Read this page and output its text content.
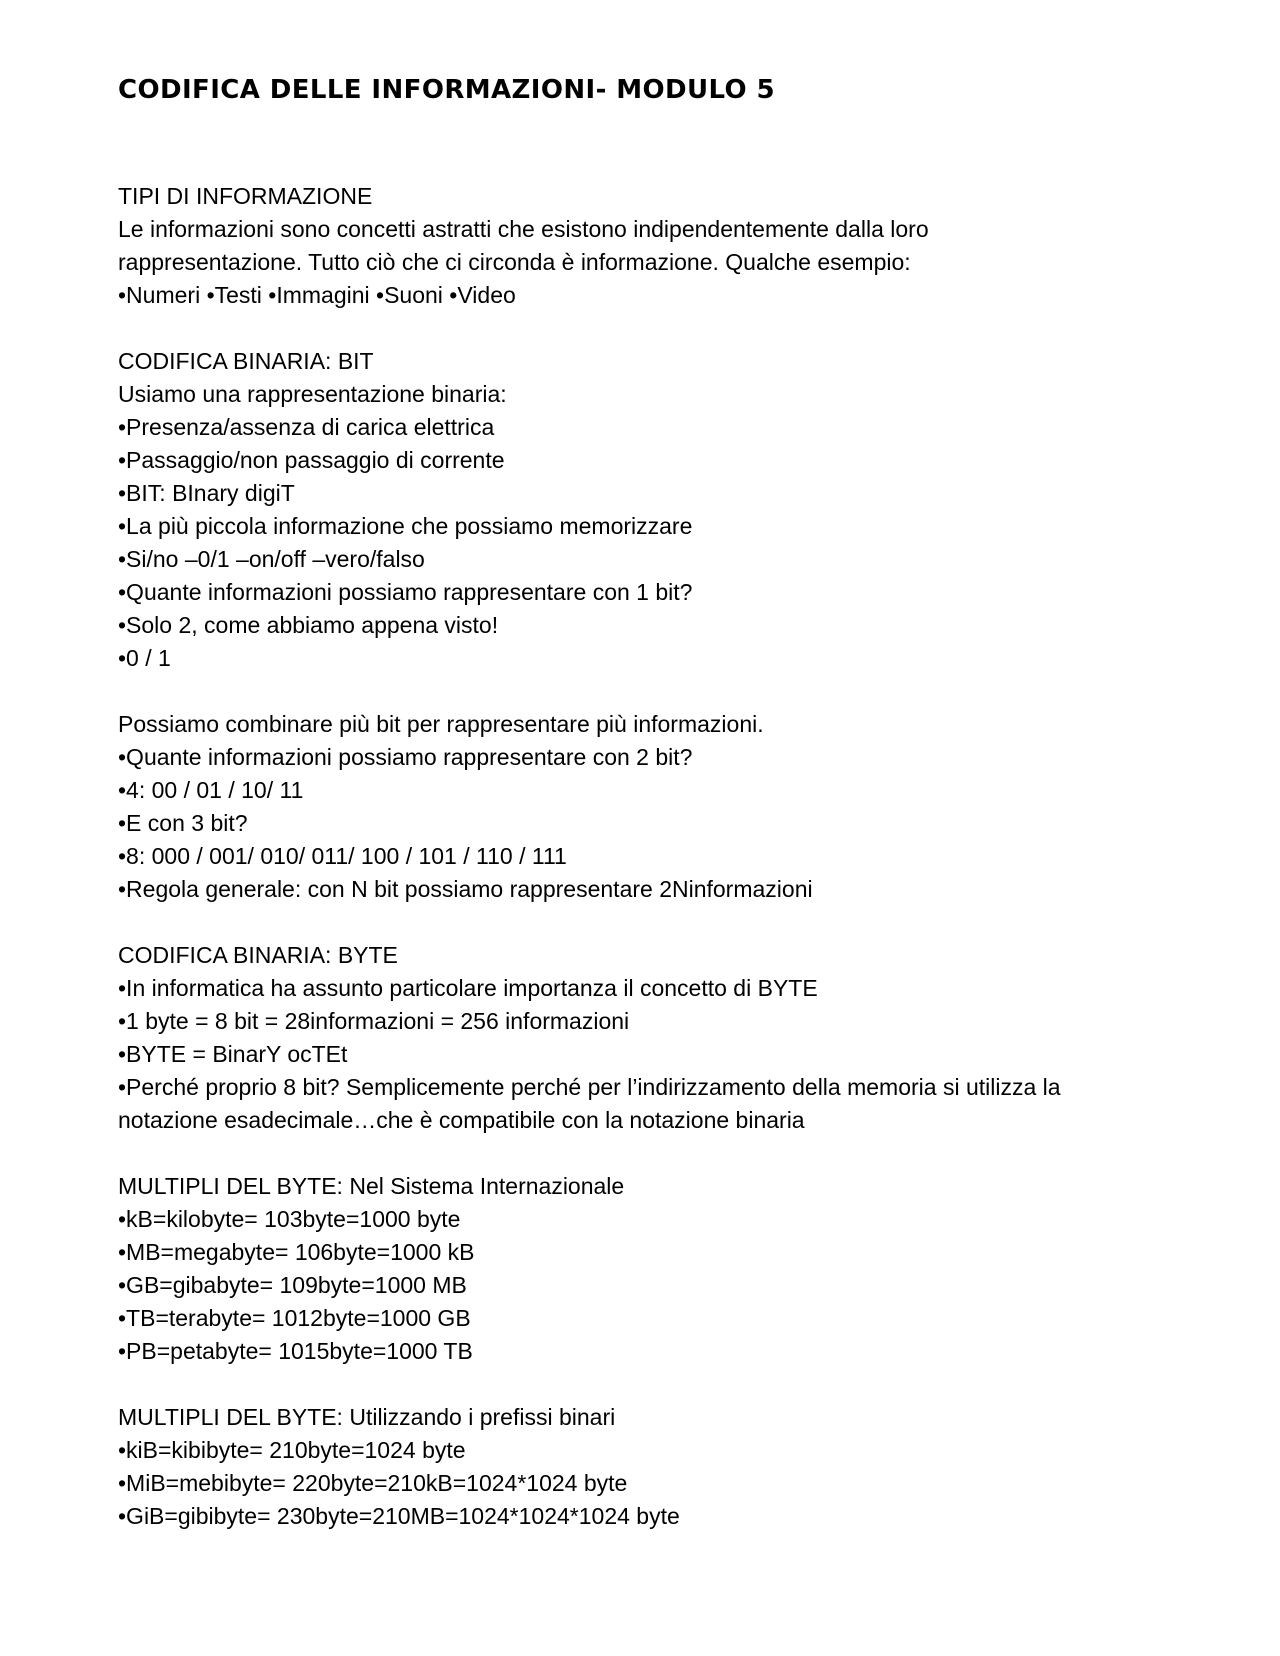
CODIFICA DELLE INFORMAZIONI- MODULO 5

TIPI DI INFORMAZIONE

Le informazioni sono concetti astratti che esistono indipendentemente dalla loro

rappresentazione. Tutto ciò che ci circonda è informazione. Qualche esempio:

•Numeri •Testi •Immagini •Suoni •Video

CODIFICA BINARIA: BIT

Usiamo una rappresentazione binaria:

•Presenza/assenza di carica elettrica

•Passaggio/non passaggio di corrente

•BIT: BInary digiT

•La più piccola informazione che possiamo memorizzare

•Si/no –0/1 –on/off –vero/falso

•Quante informazioni possiamo rappresentare con 1 bit?

•Solo 2, come abbiamo appena visto!

•0 / 1

Possiamo combinare più bit per rappresentare più informazioni.

•Quante informazioni possiamo rappresentare con 2 bit?

•4: 00 / 01 / 10/ 11

•E con 3 bit?

•8: 000 / 001/ 010/ 011/ 100 / 101 / 110 / 111

•Regola generale: con N bit possiamo rappresentare 2Ninformazioni

CODIFICA BINARIA: BYTE

•In informatica ha assunto particolare importanza il concetto di BYTE

•1 byte = 8 bit = 28informazioni = 256 informazioni

•BYTE = BinarY ocTEt

•Perché proprio 8 bit? Semplicemente perché per l’indirizzamento della memoria si utilizza la

notazione esadecimale…che è compatibile con la notazione binaria

MULTIPLI DEL BYTE: Nel Sistema Internazionale

•kB=kilobyte= 103byte=1000 byte

•MB=megabyte= 106byte=1000 kB

•GB=gibabyte= 109byte=1000 MB

•TB=terabyte= 1012byte=1000 GB

•PB=petabyte= 1015byte=1000 TB

MULTIPLI DEL BYTE: Utilizzando i prefissi binari

•kiB=kibibyte= 210byte=1024 byte

•MiB=mebibyte= 220byte=210kB=1024*1024 byte

•GiB=gibibyte= 230byte=210MB=1024*1024*1024 byte
